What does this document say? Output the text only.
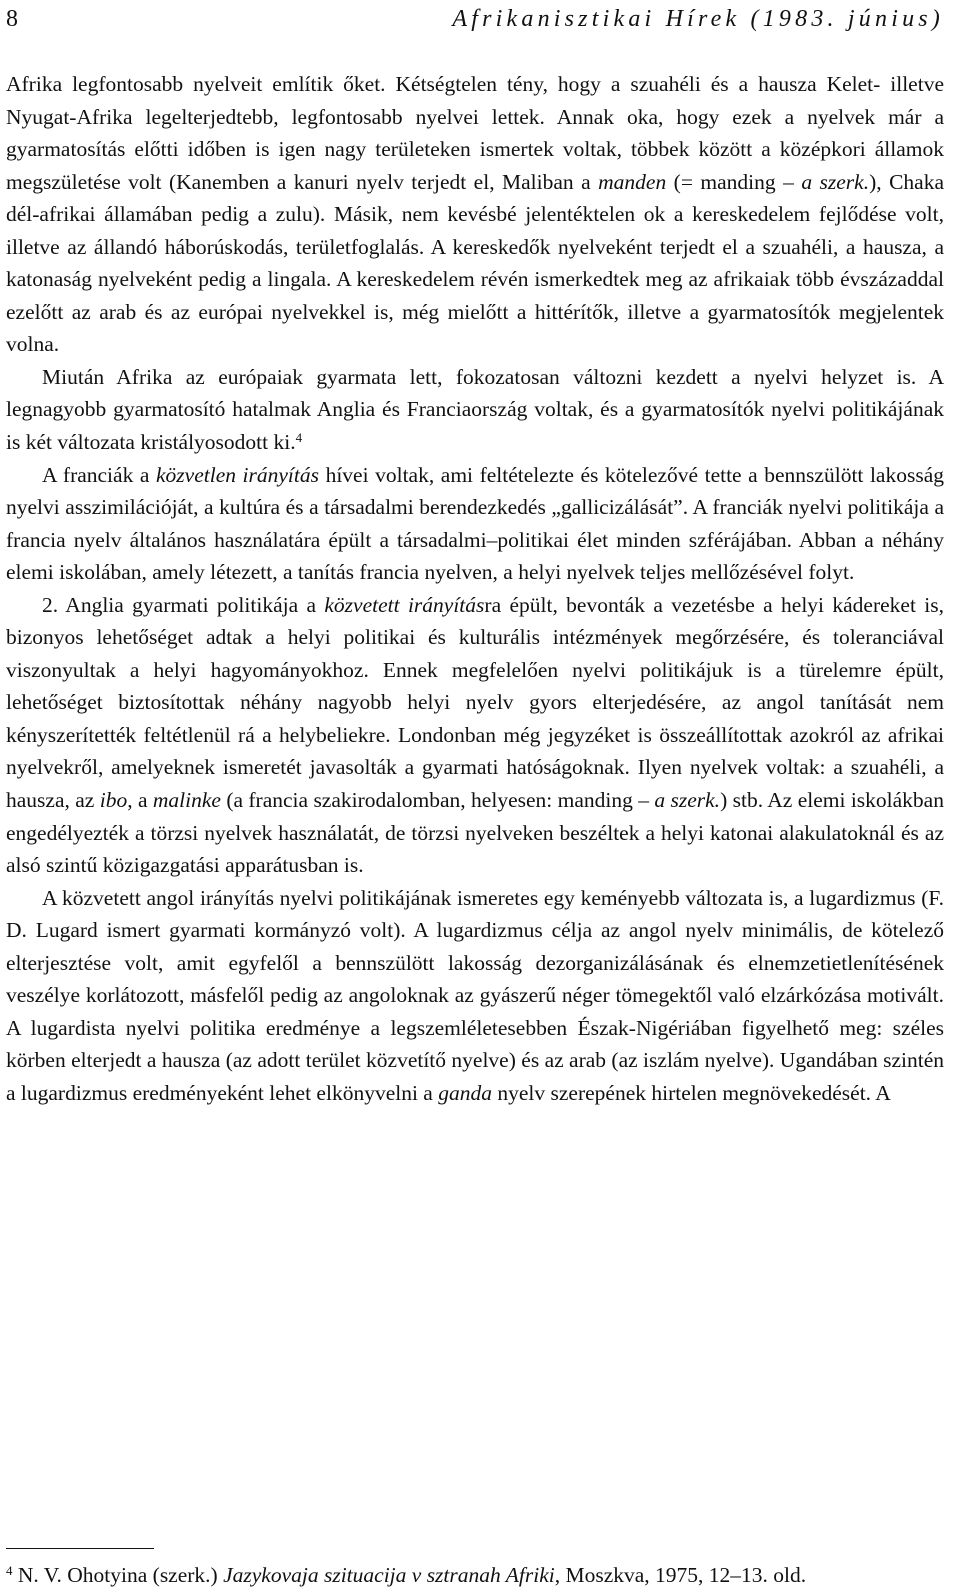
8	Afrikanisztikai Hírek (1983. június)

Afrika legfontosabb nyelveit említik őket. Kétségtelen tény, hogy a szuahéli és a hausza Kelet- illetve Nyugat-Afrika legelterjedtebb, legfontosabb nyelvei lettek. Annak oka, hogy ezek a nyelvek már a gyarmatosítás előtti időben is igen nagy területeken ismertek voltak, többek között a középkori államok megszületése volt (Kanemben a kanuri nyelv terjedt el, Maliban a manden (= manding – a szerk.), Chaka dél-afrikai államában pedig a zulu). Másik, nem kevésbé jelentéktelen ok a kereskedelem fejlődése volt, illetve az állandó háborúskodás, területfoglalás. A kereskedők nyelveként terjedt el a szuahéli, a hausza, a katonaság nyelveként pedig a lingala. A kereskedelem révén ismerkedtek meg az afrikaiak több évszázaddal ezelőtt az arab és az európai nyelvekkel is, még mielőtt a hittérítők, illetve a gyarmatosítók megjelentek volna.

Miután Afrika az európaiak gyarmata lett, fokozatosan változni kezdett a nyelvi helyzet is. A legnagyobb gyarmatosító hatalmak Anglia és Franciaország voltak, és a gyarmatosítók nyelvi politikájának is két változata kristályosodott ki.$^4$

A franciák a közvetlen irányítás hívei voltak, ami feltételezte és kötelezővé tette a bennszülött lakosság nyelvi asszimilációját, a kultúra és a társadalmi berendezkedés „gallicizálását”. A franciák nyelvi politikája a francia nyelv általános használatára épült a társadalmi–politikai élet minden szférájában. Abban a néhány elemi iskolában, amely létezett, a tanítás francia nyelven, a helyi nyelvek teljes mellőzésével folyt.

2. Anglia gyarmati politikája a közvetett irányításra épült, bevonták a vezetésbe a helyi kádereket is, bizonyos lehetőséget adtak a helyi politikai és kulturális intézmények megőrzésére, és toleranciával viszonyultak a helyi hagyományokhoz. Ennek megfelelően nyelvi politikájuk is a türelemre épült, lehetőséget biztosítottak néhány nagyobb helyi nyelv gyors elterjedésére, az angol tanítását nem kényszerítették feltétlenül rá a helybeliekre. Londonban még jegyzéket is összeállítottak azokról az afrikai nyelvekről, amelyeknek ismeretét javasolták a gyarmati hatóságoknak. Ilyen nyelvek voltak: a szuahéli, a hausza, az ibo, a malinke (a francia szakirodalomban, helyesen: manding – a szerk.) stb. Az elemi iskolákban engedélyezték a törzsi nyelvek használatát, de törzsi nyelveken beszéltek a helyi katonai alakulatoknál és az alsó szintű közigazgatási apparátusban is.

A közvetett angol irányítás nyelvi politikájának ismeretes egy keményebb változata is, a lugardizmus (F. D. Lugard ismert gyarmati kormányzó volt). A lugardizmus célja az angol nyelv minimális, de kötelező elterjesztése volt, amit egyfelől a bennszülött lakosság dezorganizálásának és elnemzetietlenítésének veszélye korlátozott, másfelől pedig az angoloknak az gyászerű néger tömegektől való elzárkózása motivált. A lugardista nyelvi politika eredménye a legszemléletesebben Észak-Nigériában figyelhető meg: széles körben elterjedt a hausza (az adott terület közvetítő nyelve) és az arab (az iszlám nyelve). Ugandában szintén a lugardizmus eredményeként lehet elkönyvelni a ganda nyelv szerepének hirtelen megnövekedését. A

$^4$ N. V. Ohotyina (szerk.) Jazykovaja szituacija v sztranah Afriki, Moszkva, 1975, 12–13. old.
